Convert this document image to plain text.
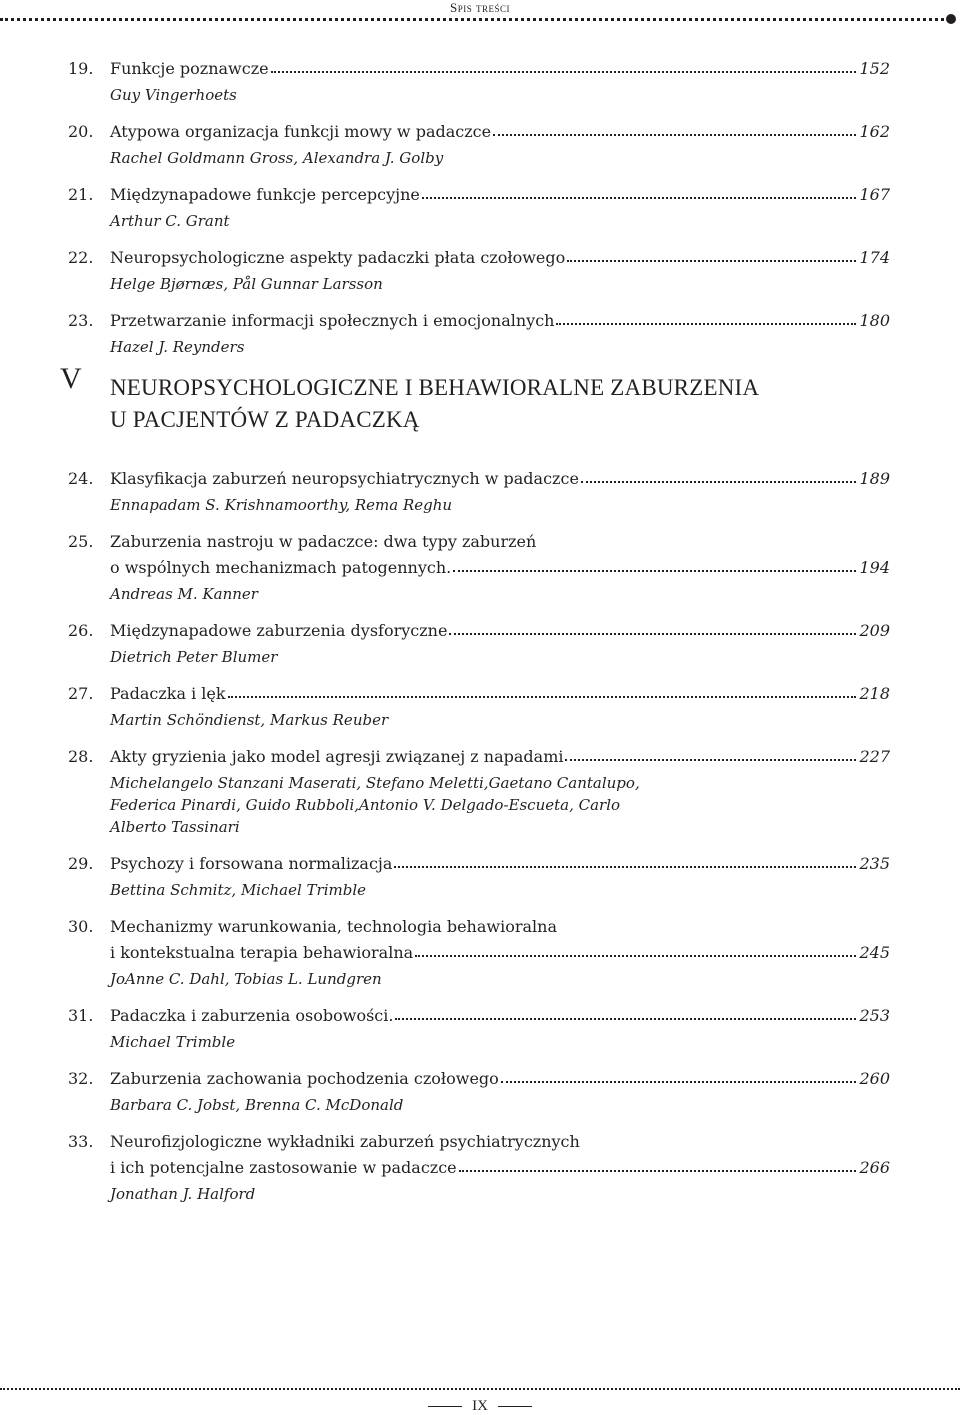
Spis treści
19.	Funkcje poznawcze	152
Guy Vingerhoets
20.	Atypowa organizacja funkcji mowy w padaczce	162
Rachel Goldmann Gross, Alexandra J. Golby
21.	Międzynapadowe funkcje percepcyjne	167
Arthur C. Grant
22.	Neuropsychologiczne aspekty padaczki płata czołowego	174
Helge Bjørnæs, Pål Gunnar Larsson
23.	Przetwarzanie informacji społecznych i emocjonalnych	180
Hazel J. Reynders
V NEUROPSYCHOLOGICZNE I BEHAWIORALNE ZABURZENIA
U PACJENTÓW Z PADACZKĄ
24.	Klasyfikacja zaburzeń neuropsychiatrycznych w padaczce	189
Ennapadam S. Krishnamoorthy, Rema Reghu
25.	Zaburzenia nastroju w padaczce: dwa typy zaburzeń
o wspólnych mechanizmach patogennych.	194
Andreas M. Kanner
26.	Międzynapadowe zaburzenia dysforyczne	209
Dietrich Peter Blumer
27.	Padaczka i lęk	218
Martin Schöndienst, Markus Reuber
28.	Akty gryzienia jako model agresji związanej z napadami	227
Michelangelo Stanzani Maserati, Stefano Meletti,Gaetano Cantalupo,
Federica Pinardi, Guido Rubboli,Antonio V. Delgado-Escueta, Carlo
Alberto Tassinari
29.	Psychozy i forsowana normalizacja	235
Bettina Schmitz, Michael Trimble
30.	Mechanizmy warunkowania, technologia behawioralna
i kontekstualna terapia behawioralna	245
JoAnne C. Dahl, Tobias L. Lundgren
31.	Padaczka i zaburzenia osobowości.	253
Michael Trimble
32.	Zaburzenia zachowania pochodzenia czołowego	260
Barbara C. Jobst, Brenna C. McDonald
33.	Neurofizjologiczne wykładniki zaburzeń psychiatrycznych
i ich potencjalne zastosowanie w padaczce	266
Jonathan J. Halford
IX
